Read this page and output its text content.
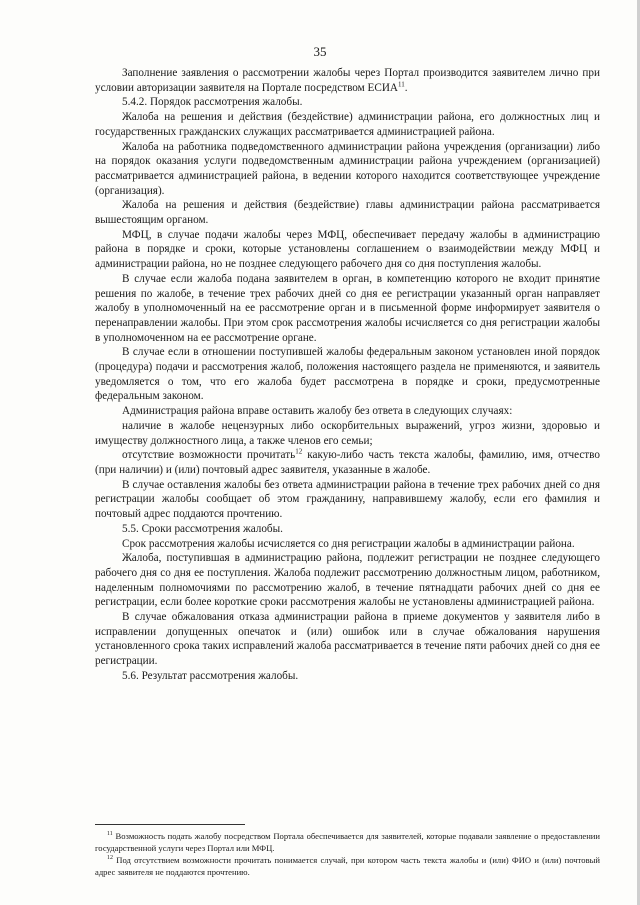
35

Заполнение заявления о рассмотрении жалобы через Портал производится заявителем лично при условии авторизации заявителя на Портале посредством ЕСИА$^{11}$.

5.4.2. Порядок рассмотрения жалобы.

Жалоба на решения и действия (бездействие) администрации района, его должностных лиц и государственных гражданских служащих рассматривается администрацией района.

Жалоба на работника подведомственного администрации района учреждения (организации) либо на порядок оказания услуги подведомственным администрации района учреждением (организацией) рассматривается администрацией района, в ведении которого находится соответствующее учреждение (организация).

Жалоба на решения и действия (бездействие) главы администрации района рассматривается вышестоящим органом.

МФЦ, в случае подачи жалобы через МФЦ, обеспечивает передачу жалобы в администрацию района в порядке и сроки, которые установлены соглашением о взаимодействии между МФЦ и администрации района, но не позднее следующего рабочего дня со дня поступления жалобы.

В случае если жалоба подана заявителем в орган, в компетенцию которого не входит принятие решения по жалобе, в течение трех рабочих дней со дня ее регистрации указанный орган направляет жалобу в уполномоченный на ее рассмотрение орган и в письменной форме информирует заявителя о перенаправлении жалобы. При этом срок рассмотрения жалобы исчисляется со дня регистрации жалобы в уполномоченном на ее рассмотрение органе.

В случае если в отношении поступившей жалобы федеральным законом установлен иной порядок (процедура) подачи и рассмотрения жалоб, положения настоящего раздела не применяются, и заявитель уведомляется о том, что его жалоба будет рассмотрена в порядке и сроки, предусмотренные федеральным законом.

Администрация района вправе оставить жалобу без ответа в следующих случаях:

наличие в жалобе нецензурных либо оскорбительных выражений, угроз жизни, здоровью и имуществу должностного лица, а также членов его семьи;

отсутствие возможности прочитать$^{12}$ какую-либо часть текста жалобы, фамилию, имя, отчество (при наличии) и (или) почтовый адрес заявителя, указанные в жалобе.

В случае оставления жалобы без ответа администрации района в течение трех рабочих дней со дня регистрации жалобы сообщает об этом гражданину, направившему жалобу, если его фамилия и почтовый адрес поддаются прочтению.

5.5. Сроки рассмотрения жалобы.

Срок рассмотрения жалобы исчисляется со дня регистрации жалобы в администрации района.

Жалоба, поступившая в администрацию района, подлежит регистрации не позднее следующего рабочего дня со дня ее поступления. Жалоба подлежит рассмотрению должностным лицом, работником, наделенным полномочиями по рассмотрению жалоб, в течение пятнадцати рабочих дней со дня ее регистрации, если более короткие сроки рассмотрения жалобы не установлены администрацией района.

В случае обжалования отказа администрации района в приеме документов у заявителя либо в исправлении допущенных опечаток и (или) ошибок или в случае обжалования нарушения установленного срока таких исправлений жалоба рассматривается в течение пяти рабочих дней со дня ее регистрации.

5.6. Результат рассмотрения жалобы.

$^{11}$ Возможность подать жалобу посредством Портала обеспечивается для заявителей, которые подавали заявление о предоставлении государственной услуги через Портал или МФЦ.

$^{12}$ Под отсутствием возможности прочитать понимается случай, при котором часть текста жалобы и (или) ФИО и (или) почтовый адрес заявителя не поддаются прочтению.
